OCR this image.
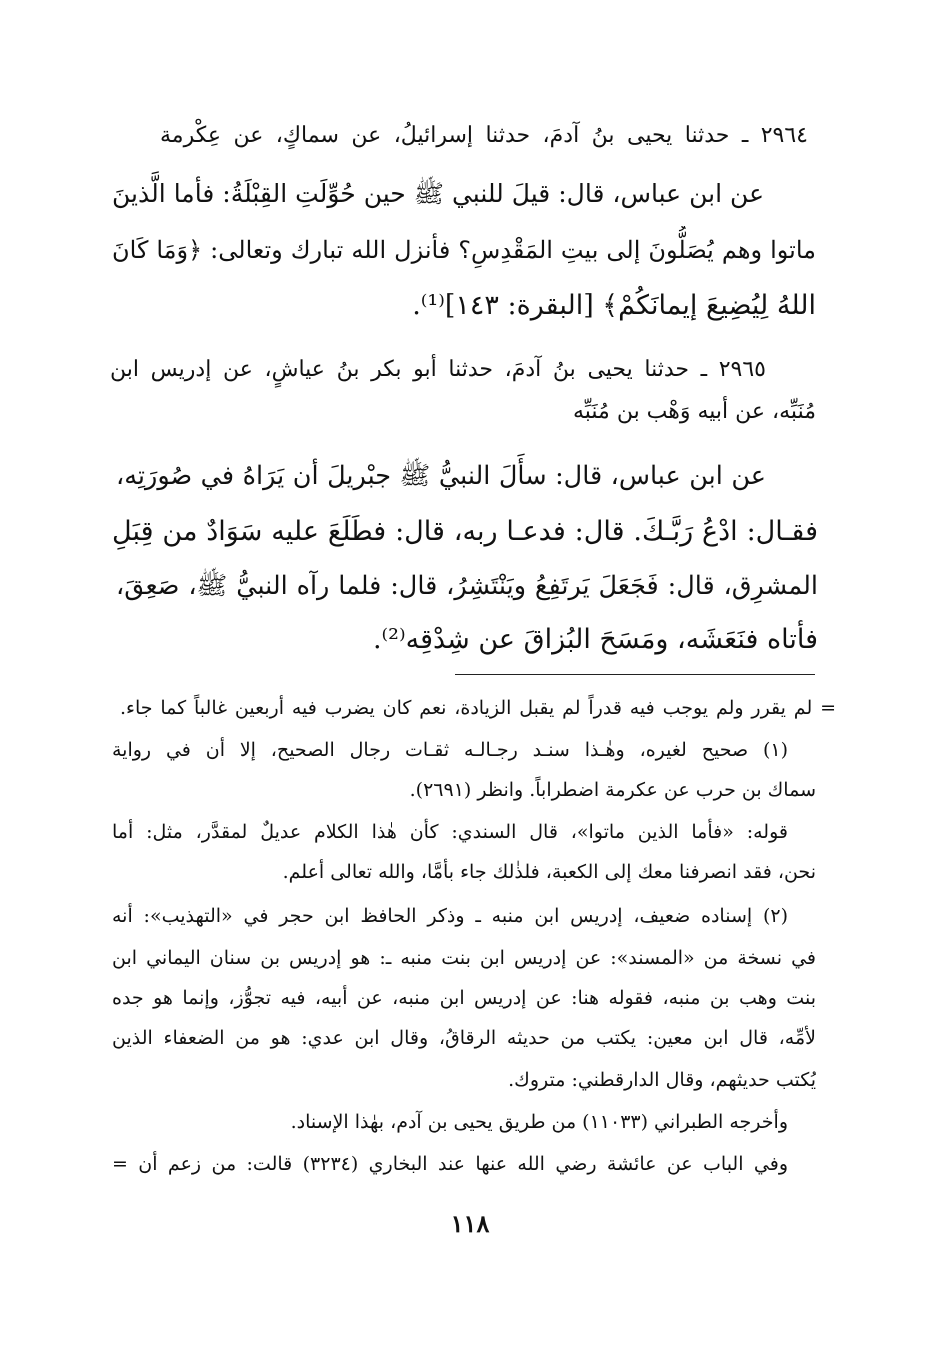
٢٩٦٤ ـ حدثنا يحيى بنُ آدمَ، حدثنا إسرائيلُ، عن سماكٍ، عن عِكْرمة
عن ابن عباس، قال: قيلَ للنبي ﷺ حين حُوِّلَتِ القِبْلَةُ: فأما الَّذينَ
ماتوا وهم يُصَلُّونَ إلى بيتِ المَقْدِسِ؟ فأنزل الله تبارك وتعالى: ﴿وَمَا كَانَ
اللهُ لِيُضِيعَ إيمانَكُمْ﴾ [البقرة: ١٤٣]⁽¹⁾.
٢٩٦٥ ـ حدثنا يحيى بنُ آدمَ، حدثنا أبو بكر بنُ عياشٍ، عن إدريس ابن
مُنَبِّه، عن أبيه وَهْب بن مُنَبِّه
عن ابن عباس، قال: سأَلَ النبيُّ ﷺ جبْريلَ أن يَرَاهُ في صُورَتِه،
فقـال: ادْعُ رَبَّـكَ. قال: فدعـا ربه، قال: فطَلَعَ عليه سَوَادٌ من قِبَلِ
المشرِق، قال: فَجَعَلَ يَرتَفِعُ ويَنْتَشِرُ، قال: فلما رآه النبيُّ ﷺ، صَعِقَ،
فأتاه فنَعَشَه، ومَسَحَ البُزاقَ عن شِدْقِه⁽²⁾.
= لم يقرر ولم يوجب فيه قدراً لم يقبل الزيادة، نعم كان يضرب فيه أربعين غالباً كما جاء.
(١) صحيح لغيره، وهٰـذا سنـد رجـالـه ثقـات رجال الصحيح، إلا أن في رواية
سماك بن حرب عن عكرمة اضطراباً. وانظر (٢٦٩١).
قوله: «فأما الذين ماتوا»، قال السندي: كأن هٰذا الكلام عديلٌ لمقدَّر، مثل: أما
نحن، فقد انصرفنا معك إلى الكعبة، فلذٰلك جاء بأمَّا، والله تعالى أعلم.
(٢) إسناده ضعيف، إدريس ابن منبه ـ وذكر الحافظ ابن حجر في «التهذيب»: أنه
في نسخة من «المسند»: عن إدريس ابن بنت منبه ـ: هو إدريس بن سنان اليماني ابن
بنت وهب بن منبه، فقوله هنا: عن إدريس ابن منبه، عن أبيه، فيه تجوُّز، وإنما هو جده
لأمِّه، قال ابن معين: يكتب من حديثه الرقاقُ، وقال ابن عدي: هو من الضعفاء الذين
يُكتب حديثهم، وقال الدارقطني: متروك.
وأخرجه الطبراني (١١٠٣٣) من طريق يحيى بن آدم، بهٰذا الإسناد.
وفي الباب عن عائشة رضي الله عنها عند البخاري (٣٢٣٤) قالت: من زعم أن =
١١٨
